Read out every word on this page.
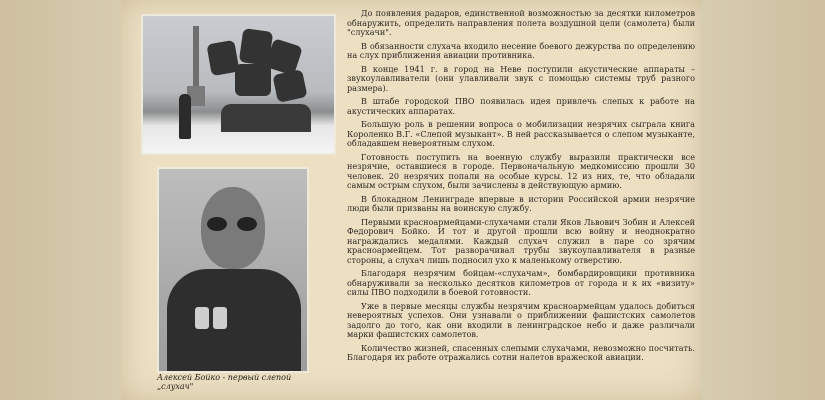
Алексей Бойко - первый слепой „слухач"

До появления радаров, единственной возможностью за десятки километров обнаружить, определить направления полета воздушной цели (самолета) были "слухачи".

В обязанности слухача входило несение боевого дежурства по определению на слух приближения авиации противника.

В конце 1941 г. в город на Неве поступили акустические аппараты – звукоулавливатели (они улавливали звук с помощью системы труб разного размера).

В штабе городской ПВО появилась идея привлечь слепых к работе на акустических аппаратах.

Большую роль в решении вопроса о мобилизации незрячих сыграла книга Короленко В.Г. «Слепой музыкант». В ней рассказывается о слепом музыканте, обладавшем невероятным слухом.

Готовность поступить на военную службу выразили практически все незрячие, оставшиеся в городе. Первоначальную медкомиссию прошли 30 человек. 20 незрячих попали на особые курсы. 12 из них, те, что обладали самым острым слухом, были зачислены в действующую армию.

В блокадном Ленинграде впервые в истории Российской армии незрячие люди были призваны на воинскую службу.

Первыми красноармейцами-слухачами стали Яков Львович Зобин и Алексей Федорович Бойко. И тот и другой прошли всю войну и неоднократно награждались медалями. Каждый слухач служил в паре со зрячим красноармейцем. Тот разворачивал трубы звукоулавливателя в разные стороны, а слухач лишь подносил ухо к маленькому отверстию.

Благодаря незрячим бойцам-«слухачам», бомбардировщики противника обнаруживали за несколько десятков километров от города и к их «визиту» силы ПВО подходили в боевой готовности.

Уже в первые месяцы службы незрячим красноармейцам удалось добиться невероятных успехов. Они узнавали о приближении фашистских самолетов задолго до того, как они входили в ленинградское небо и даже различали марки фашистских самолетов.

Количество жизней, спасенных слепыми слухачами, невозможно посчитать. Благодаря их работе отражались сотни налетов вражеской авиации.
